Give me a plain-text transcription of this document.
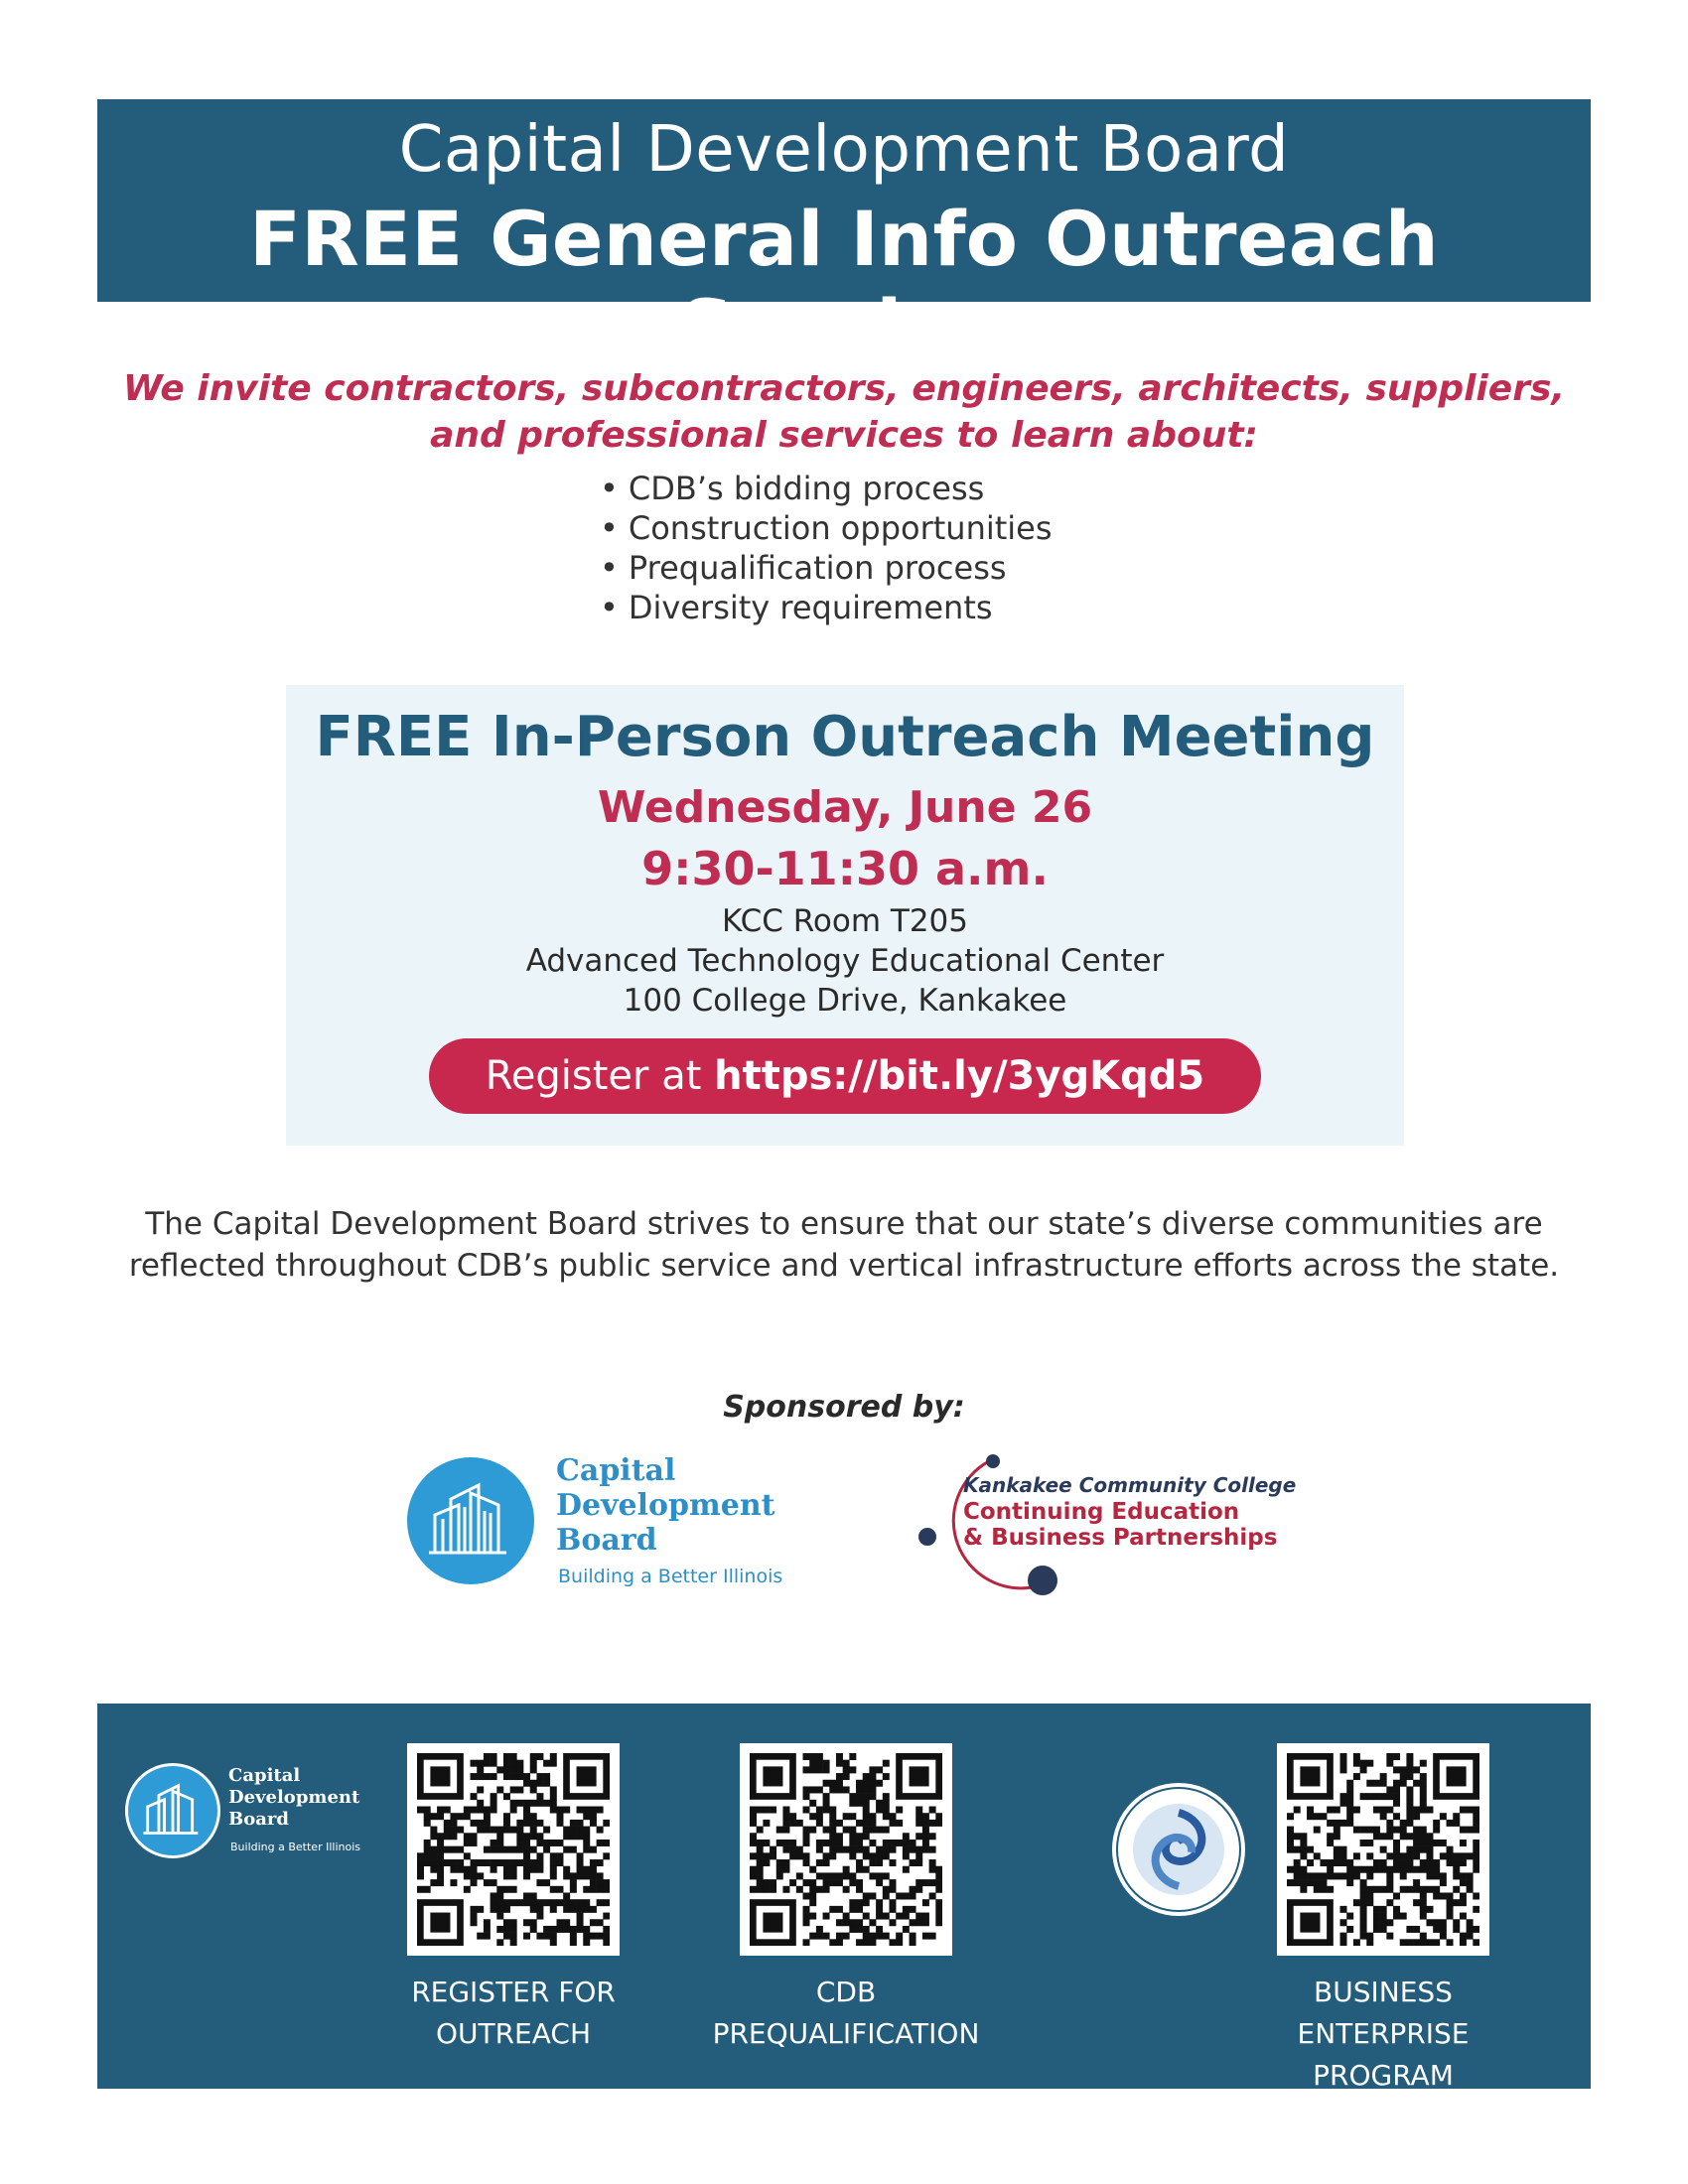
Capital Development Board
FREE General Info Outreach Session
We invite contractors, subcontractors, engineers, architects, suppliers,
and professional services to learn about:
• CDB’s bidding process
• Construction opportunities
• Prequalification process
• Diversity requirements
FREE In-Person Outreach Meeting
Wednesday, June 26
9:30-11:30 a.m.
KCC Room T205
Advanced Technology Educational Center
100 College Drive, Kankakee
Register at https://bit.ly/3ygKqd5
The Capital Development Board strives to ensure that our state’s diverse communities are
reflected throughout CDB’s public service and vertical infrastructure efforts across the state.
Sponsored by:
Capital
Development
Board
Building a Better Illinois
Kankakee Community College
Continuing Education
& Business Partnerships
Capital
Development
Board
Building a Better Illinois
REGISTER FOR
OUTREACH
CDB
PREQUALIFICATION
BUSINESS
ENTERPRISE PROGRAM
